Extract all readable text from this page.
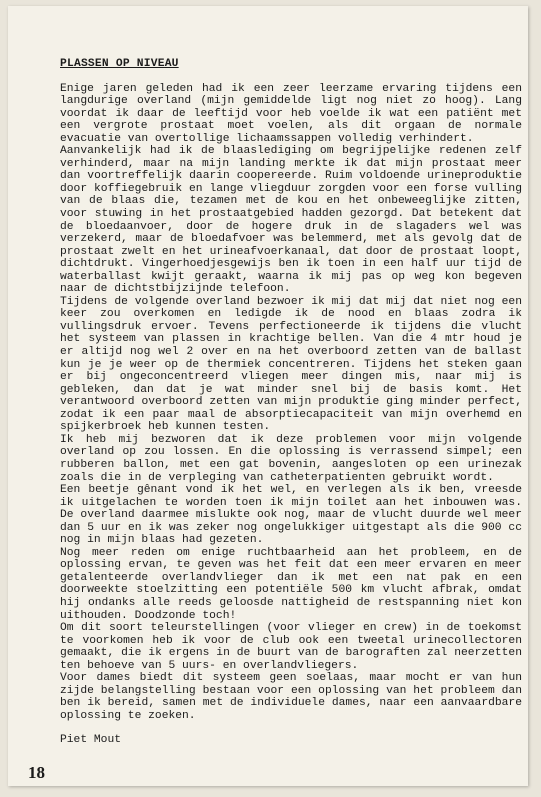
PLASSEN OP NIVEAU
Enige jaren geleden had ik een zeer leerzame ervaring tijdens een langdurige overland (mijn gemiddelde ligt nog niet zo hoog). Lang voordat ik daar de leeftijd voor heb voelde ik wat een patiënt met een vergrote prostaat moet voelen, als dit orgaan de normale evacuatie van overtollige lichaamssappen volledig verhindert.
Aanvankelijk had ik de blaaslediging om begrijpelijke redenen zelf verhinderd, maar na mijn landing merkte ik dat mijn prostaat meer dan voortreffelijk daarin coopereerde. Ruim voldoende urineproduktie door koffiegebruik en lange vliegduur zorgden voor een forse vulling van de blaas die, tezamen met de kou en het onbeweeglijke zitten, voor stuwing in het prostaatgebied hadden gezorgd. Dat betekent dat de bloedaanvoer, door de hogere druk in de slagaders wel was verzekerd, maar de bloedafvoer was belemmerd, met als gevolg dat de prostaat zwelt en het urineafvoerkanaal, dat door de prostaat loopt, dichtdrukt. Vingerhoedjesgewijs ben ik toen in een half uur tijd de waterballast kwijt geraakt, waarna ik mij pas op weg kon begeven naar de dichtstbijzijnde telefoon.
Tijdens de volgende overland bezwoer ik mij dat mij dat niet nog een keer zou overkomen en ledigde ik de nood en blaas zodra ik vullingsdruk ervoer. Tevens perfectioneerde ik tijdens die vlucht het systeem van plassen in krachtige bellen. Van die 4 mtr houd je er altijd nog wel 2 over en na het overboord zetten van de ballast kun je je weer op de thermiek concentreren. Tijdens het steken gaan er bij ongeconcentreerd vliegen meer dingen mis, naar mij is gebleken, dan dat je wat minder snel bij de basis komt. Het verantwoord overboord zetten van mijn produktie ging minder perfect, zodat ik een paar maal de absorptiecapaciteit van mijn overhemd en spijkerbroek heb kunnen testen.
Ik heb mij bezworen dat ik deze problemen voor mijn volgende overland op zou lossen. En die oplossing is verrassend simpel; een rubberen ballon, met een gat bovenin, aangesloten op een urinezak zoals die in de verpleging van catheterpatienten gebruikt wordt.
Een beetje gênant vond ik het wel, en verlegen als ik ben, vreesde ik uitgelachen te worden toen ik mijn toilet aan het inbouwen was. De overland daarmee mislukte ook nog, maar de vlucht duurde wel meer dan 5 uur en ik was zeker nog ongelukkiger uitgestapt als die 900 cc nog in mijn blaas had gezeten.
Nog meer reden om enige ruchtbaarheid aan het probleem, en de oplossing ervan, te geven was het feit dat een meer ervaren en meer getalenteerde overlandvlieger dan ik met een nat pak en een doorweekte stoelzitting een potentiële 500 km vlucht afbrak, omdat hij ondanks alle reeds geloosde nattigheid de restspanning niet kon uithouden. Doodzonde toch!
Om dit soort teleurstellingen (voor vlieger en crew) in de toekomst te voorkomen heb ik voor de club ook een tweetal urinecollectoren gemaakt, die ik ergens in de buurt van de barograften zal neerzetten ten behoeve van 5 uurs- en overlandvliegers.
Voor dames biedt dit systeem geen soelaas, maar mocht er van hun zijde belangstelling bestaan voor een oplossing van het probleem dan ben ik bereid, samen met de individuele dames, naar een aanvaardbare oplossing te zoeken.
Piet Mout
18
